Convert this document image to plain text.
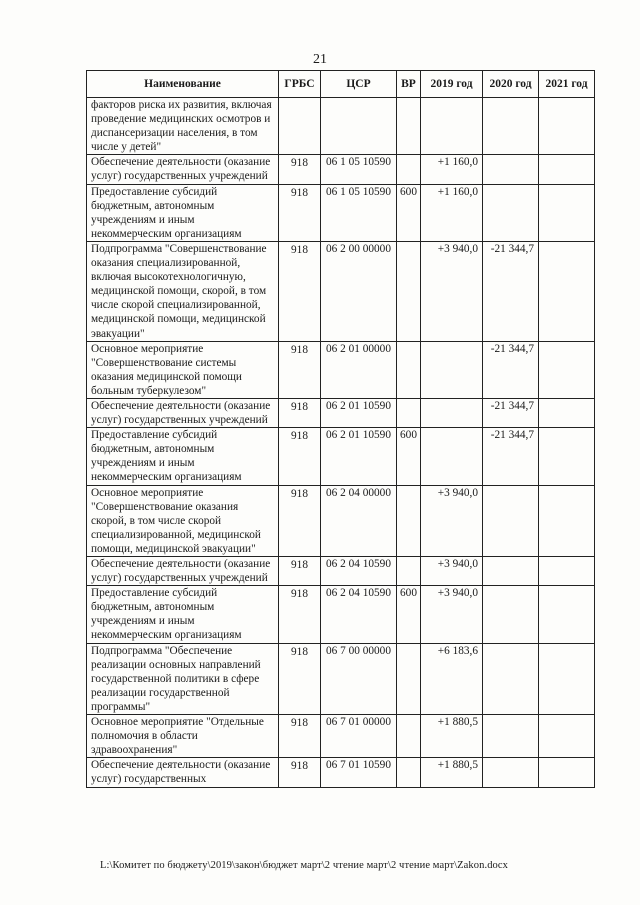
21
Наименование	ГРБС	ЦСР	ВР	2019 год	2020 год	2021 год
факторов риска их развития, включая проведение медицинских осмотров и диспансеризации населения, в том числе у детей"						
Обеспечение деятельности (оказание услуг) государственных учреждений	918	06 1 05 10590		+1 160,0		
Предоставление субсидий бюджетным, автономным учреждениям и иным некоммерческим организациям	918	06 1 05 10590	600	+1 160,0		
Подпрограмма "Совершенствование оказания специализированной, включая высокотехнологичную, медицинской помощи, скорой, в том числе скорой специализированной, медицинской помощи, медицинской эвакуации"	918	06 2 00 00000		+3 940,0	-21 344,7	
Основное мероприятие "Совершенствование системы оказания медицинской помощи больным туберкулезом"	918	06 2 01 00000			-21 344,7	
Обеспечение деятельности (оказание услуг) государственных учреждений	918	06 2 01 10590			-21 344,7	
Предоставление субсидий бюджетным, автономным учреждениям и иным некоммерческим организациям	918	06 2 01 10590	600		-21 344,7	
Основное мероприятие "Совершенствование оказания скорой, в том числе скорой специализированной, медицинской помощи, медицинской эвакуации"	918	06 2 04 00000		+3 940,0		
Обеспечение деятельности (оказание услуг) государственных учреждений	918	06 2 04 10590		+3 940,0		
Предоставление субсидий бюджетным, автономным учреждениям и иным некоммерческим организациям	918	06 2 04 10590	600	+3 940,0		
Подпрограмма "Обеспечение реализации основных направлений государственной политики в сфере реализации государственной программы"	918	06 7 00 00000		+6 183,6		
Основное мероприятие "Отдельные полномочия в области здравоохранения"	918	06 7 01 00000		+1 880,5		
Обеспечение деятельности (оказание услуг) государственных	918	06 7 01 10590		+1 880,5		
L:\Комитет по бюджету\2019\закон\бюджет март\2 чтение март\2 чтение март\Zakon.docx
